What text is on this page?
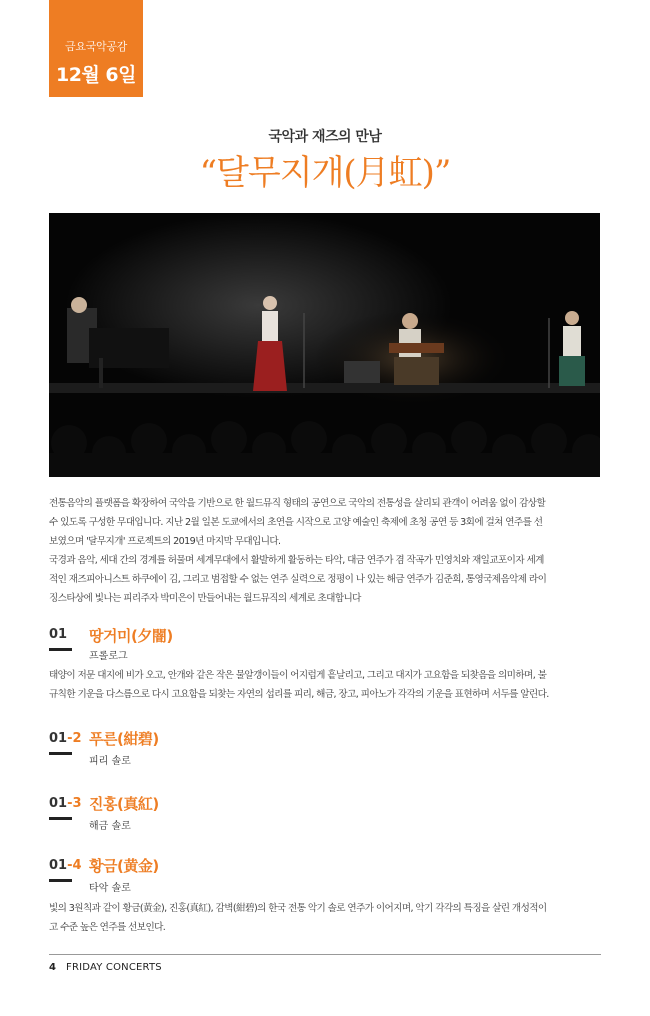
금요국악공감
12월 6일
국악과 재즈의 만남
“달무지개(月虹)”
전통음악의 플랫폼을 확장하여 국악을 기반으로 한 월드뮤직 형태의 공연으로 국악의 전통성을 살리되 관객이 어려움 없이 감상할
수 있도록 구성한 무대입니다. 지난 2월 일본 도쿄에서의 초연을 시작으로 고양 예술인 축제에 초청 공연 등 3회에 걸쳐 연주를 선
보였으며 '달무지개' 프로젝트의 2019년 마지막 무대입니다.
국경과 음악, 세대 간의 경계를 허물며 세계무대에서 활발하게 활동하는 타악, 대금 연주가 겸 작곡가 민영치와 재일교포이자 세계
적인 재즈피아니스트 하쿠에이 김, 그리고 범접할 수 없는 연주 실력으로 정평이 나 있는 해금 연주가 김준희, 통영국제음악제 라이
징스타상에 빛나는 피리주자 박미은이 만들어내는 월드뮤직의 세계로 초대합니다
01 땅거미(夕闇)
프롤로그
태양이 저문 대지에 비가 오고, 안개와 같은 작은 물알갱이들이 어지럽게 흩날리고, 그리고 대지가 고요함을 되찾음을 의미하며, 불
규칙한 기운을 다스름으로 다시 고요함을 되찾는 자연의 섭리를 피리, 해금, 장고, 피아노가 각각의 기운을 표현하며 서두를 알린다.
01-2 푸른(紺碧)
피리 솔로
01-3 진홍(真紅)
해금 솔로
01-4 황금(黄金)
타악 솔로
빛의 3원칙과 같이 황금(黄金), 진홍(真紅), 감벽(紺碧)의 한국 전통 악기 솔로 연주가 이어지며, 악기 각각의 특징을 살린 개성적이
고 수준 높은 연주를 선보인다.
4 FRIDAY CONCERTS
